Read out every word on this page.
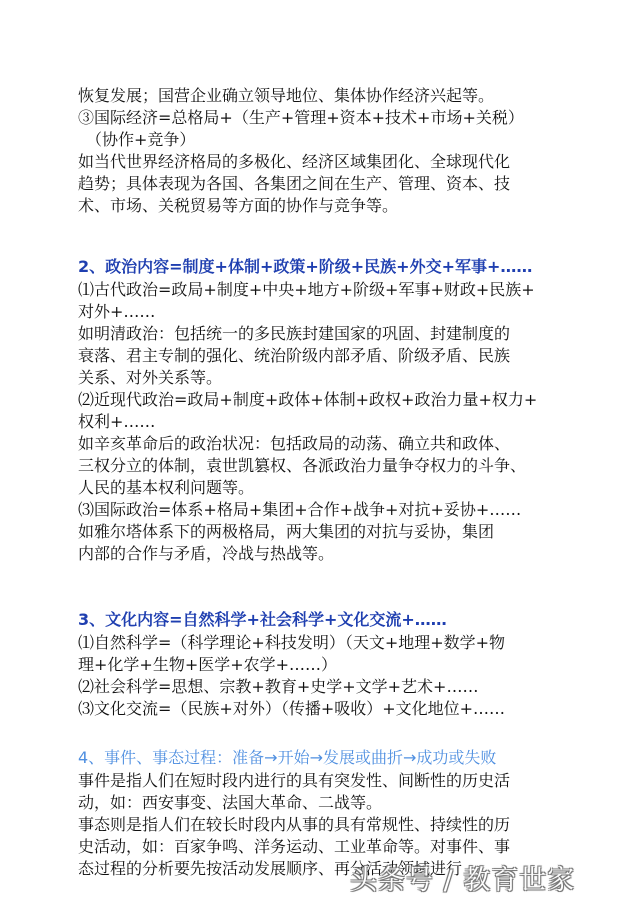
恢复发展；国营企业确立领导地位、集体协作经济兴起等。
③国际经济=总格局+（生产+管理+资本+技术+市场+关税）
（协作+竞争）
如当代世界经济格局的多极化、经济区域集团化、全球现代化
趋势；具体表现为各国、各集团之间在生产、管理、资本、技
术、市场、关税贸易等方面的协作与竞争等。
2、政治内容=制度+体制+政策+阶级+民族+外交+军事+……
⑴古代政治=政局+制度+中央+地方+阶级+军事+财政+民族+
对外+……
如明清政治：包括统一的多民族封建国家的巩固、封建制度的
衰落、君主专制的强化、统治阶级内部矛盾、阶级矛盾、民族
关系、对外关系等。
⑵近现代政治=政局+制度+政体+体制+政权+政治力量+权力+
权利+……
如辛亥革命后的政治状况：包括政局的动荡、确立共和政体、
三权分立的体制，袁世凯篡权、各派政治力量争夺权力的斗争、
人民的基本权利问题等。
⑶国际政治=体系+格局+集团+合作+战争+对抗+妥协+……
如雅尔塔体系下的两极格局，两大集团的对抗与妥协，集团
内部的合作与矛盾，冷战与热战等。
3、文化内容=自然科学+社会科学+文化交流+……
⑴自然科学=（科学理论+科技发明）（天文+地理+数学+物
理+化学+生物+医学+农学+……）
⑵社会科学=思想、宗教+教育+史学+文学+艺术+……
⑶文化交流=（民族+对外）（传播+吸收）+文化地位+……
4、事件、事态过程：准备→开始→发展或曲折→成功或失败
事件是指人们在短时段内进行的具有突发性、间断性的历史活
动，如：西安事变、法国大革命、二战等。
事态则是指人们在较长时段内从事的具有常规性、持续性的历
史活动，如：百家争鸣、洋务运动、工业革命等。对事件、事
态过程的分析要先按活动发展顺序、再分活动领域进行
头条号 / 教育世家
